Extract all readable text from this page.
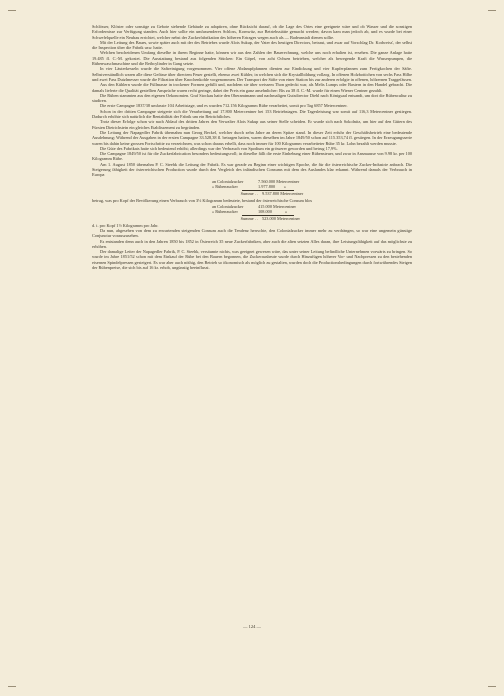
Schlösser, Klöster oder sonstige zu Gebote stehende Gebäude zu adaptiren, ohne Rücksicht darauf, ob die Lage des Ortes eine geeignete wäre und ob Wasser und die sonstigen Erfordernisse zur Verfügung standen. Auch hier sollte ein umfassenderes Schloss, Kornwitz, zur Betriebsstätte gemacht werden; davon kam man jedoch ab, und es wurde bei einer Schwefelquelle ein Neubau errichtet, welcher nebst der Zuckerfabrikation des höheren Ertrages wegen auch als — Badeanstalt dienen sollte.

Mit der Leitung des Baues, sowie später auch mit der des Betriebes wurde Alois Sukup, der Vater des heutigen Directors, betraut, und zwar auf Vorschlag Dr. Kodweiss', der selbst die Inspection über die Fabrik usw. hatte.

Welchen bescheidenen Umfang dieselbe in ihrem Beginne hatte, können wir aus den Zahlen der Bauerechnung, welche uns noch erhalten ist, ersehen. Die ganze Anlage hatte 19.485 fl. C.-M. gekostet. Die Ausstattung bestand aus folgenden Stücken: Ein Göpel, von acht Ochsen betrieben, welcher als bewegende Kraft die Wasserpumpen, die Rübenwaschmaschine und die Reibcylinder in Gang setzte.

In vier Läuterkesseln wurde die Saftreinigung vorgenommen. Vier offene Abdampfpfannen dienten zur Eindickung und vier Kupferpfannen zum Fertigkochen der Säfte. Selbstverständlich waren alle diese Gefässe über directem Feuer gestellt, ebenso zwei Kühler, in welchen sich die Krystallbildung vollzog. In offenen Holzbottichen von sechs Fass Hilbe und zwei Fass Dutzlmesser wurde die Filtration über Knochenkohle vorgenommen. Der Transport der Säfte von einer Station bis zur anderen erfolgte in offenen, hölzernen Traggefässen.

Aus den Kühlern wurde die Füllmasse in trockener Formen gefüllt und, nachdem sie über weissem Thon gedeckt war, als Melis Lumps oder Bastern in den Handel gebracht. Die damals lieferte die Qualität gestellten Ansprüche waren recht geringe, dabei der Preis ein ganz ansehnlicher: Bis zu 38 fl. C.-M. wurde für einen Wiener Centner gezahlt.

Die Rüben stammten aus den eigenen Oekonomien. Graf Stockau hatte den Oberamtmann und nachmaligen Gutsdirector Diebl nach Königsaal entsandt, um dort die Rübencultur zu studiren.

Die erste Campagne 1837/38 umfasste 104 Arbeitstage, und es wurden 712.156 Kilogramm Rübe verarbeitet, somit pro Tag 6857 Metercentner.

Schon in der dritten Campagne steigerte sich die Verarbeitung auf 17.800 Metercentner bei 153 Betriebstagen. Die Tagesleistung war somit auf 116,3 Metercentner gestiegen. Dadurch erhöhte sich natürlich die Rentabilität der Fabrik um ein Beträchtliches.

Trotz dieser Erfolge schon wir nach Ablauf des dritten Jahres den Verwalter Alois Sukup aus seiner Stelle scheiden. Er wurde sich nach Sokolnitz, um hier auf den Gütern des Fürsten Dietrichstein ein gleiches Etablissement zu begründen.

Die Leitung der Napagedler Fabrik übernahm nun Georg Beckel, welcher durch zehn Jahre an deren Spitze stand. In dieser Zeit erfuhr der Geschäftsbetrieb eine bedeutende Ausdehnung; Während der Ausgaben in der ersten Campagne 33.528,38 fl. betragen hatten, waren dieselben im Jahre 1849/50 schon auf 115.353,74 fl. gestiegen. In der Erzeugungsserie waren bis dahin keine grossen Fortschritte zu verzeichnen, was schon daraus erhellt, dass noch immer für 100 Kilogramm verarbeiteter Rübe 35 kr. Lohn bezahlt werden musste.

Die Güte des Fabrikats hatte sich bedeutend erhöht; allerdings war der Verbrauch von Spodium ein grösserer geworden und betrug 17,9%.

Die Campagne 1849/50 ist für die Zuckerfabrication besonders bedeutungsvoll; in dieselbe fällt die erste Einhebung einer Rübensteuer, und zwar in Ansmaasse von 9.98 kr. per 100 Kilogramm Rübe.

Am 1. August 1850 übernahm P. C. Steehk die Leitung der Fabrik. Es war gerade zu Beginn einer wichtigen Epoche, die für die österreichische Zucker-Industrie anbrach. Die Steigerung fähigkeit der österreichischen Production wurde durch den Vergleich des inländischen Consums mit dem des Auslandes klar erkannt. Während damals der Verbrauch in Europa

an Colonialzucker	7.560.000 Metercentner
» Rübenzucker	1.977.800
»
Summe . . 9.537.800 Metercentner

betrug, was pro Kopf der Bevölkerung einen Verbrauch von 3⅓ Kilogramm bedeutete, bestand der österreichische Consum blos

an Colonialzucker	415.000 Metercentner
» Rübenzucker	108.000
	»
Summe . . 523.000 Metercentner

d. i. pro Kopf 1½ Kilogramm pro Jahr.

Da nun, abgesehen von dem zu erwartenden steigenden Consum auch die Tendenz herrschte, den Colonialzucker immer mehr zu verdrängen, so war eine ungemein günstige Conjunctur vorauszusehen.

Es entstanden denn auch in den Jahren 1850 bis 1852 in Österreich 35 neue Zuckerfabriken, aber auch die alten setzten Alles daran, ihre Leistungsfähigkeit auf das möglichste zu erhöhen.

Der damalige Leiter der Napagedler Fabrik, P. C. Steehk, versäumte nichts, was geeignet gewesen wäre, das unter seiner Leitung befindliche Unternehmen vorwärts zu bringen. So wurde im Jahre 1851/52 schon mit dem Einkauf der Rübe bei den Bauern begonnen, die Zuckerausbeute wurde durch Hinzufügen höherer Vor- und Nachpressen zu den bestehenden eisernen Spindelpressen gesteigert. Es war aber auch nöthig, den Betrieb so ökonomisch als möglich zu gestalten, wurden doch die Productionsbedingungen durch fortwährendes Steigen der Rübenpreise, die sich bis auf 16 kr. erhob, ungünstig beeinflusst.

— 124 —
